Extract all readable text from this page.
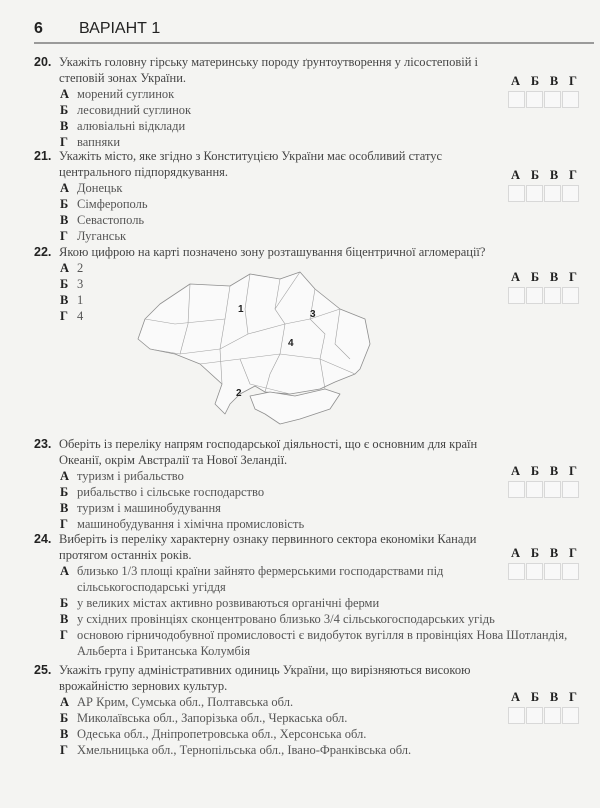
6 ВАРІАНТ 1
20. Укажіть головну гірську материнську породу ґрунтоутворення у лісостеповій і степовій зонах України.
А морений суглинок
Б лесовидний суглинок
В алювіальні відклади
Г вапняки
А Б В Г
21. Укажіть місто, яке згідно з Конституцією України має особливий статус центрального підпорядкування.
А Донецьк
Б Сімферополь
В Севастополь
Г Луганськ
А Б В Г
22. Якою цифрою на карті позначено зону розташування біцентричної агломерації?
А 2
Б 3
В 1
Г 4
А Б В Г
1
2
3
4
23. Оберіть із переліку напрям господарської діяльності, що є основним для країн Океанії, окрім Австралії та Нової Зеландії.
А туризм і рибальство
Б рибальство і сільське господарство
В туризм і машинобудування
Г машинобудування і хімічна промисловість
А Б В Г
24. Виберіть із переліку характерну ознаку первинного сектора економіки Канади протягом останніх років.
А близько 1/3 площі країни зайнято фермерськими господарствами під сільськогосподарські угіддя
Б у великих містах активно розвиваються органічні ферми
В у східних провінціях сконцентровано близько 3/4 сільськогосподарських угідь
Г основою гірничодобувної промисловості є видобуток вугілля в провінціях Нова Шотландія, Альберта і Британська Колумбія
А Б В Г
25. Укажіть групу адміністративних одиниць України, що вирізняються високою врожайністю зернових культур.
А АР Крим, Сумська обл., Полтавська обл.
Б Миколаївська обл., Запорізька обл., Черкаська обл.
В Одеська обл., Дніпропетровська обл., Херсонська обл.
Г Хмельницька обл., Тернопільська обл., Івано-Франківська обл.
А Б В Г
